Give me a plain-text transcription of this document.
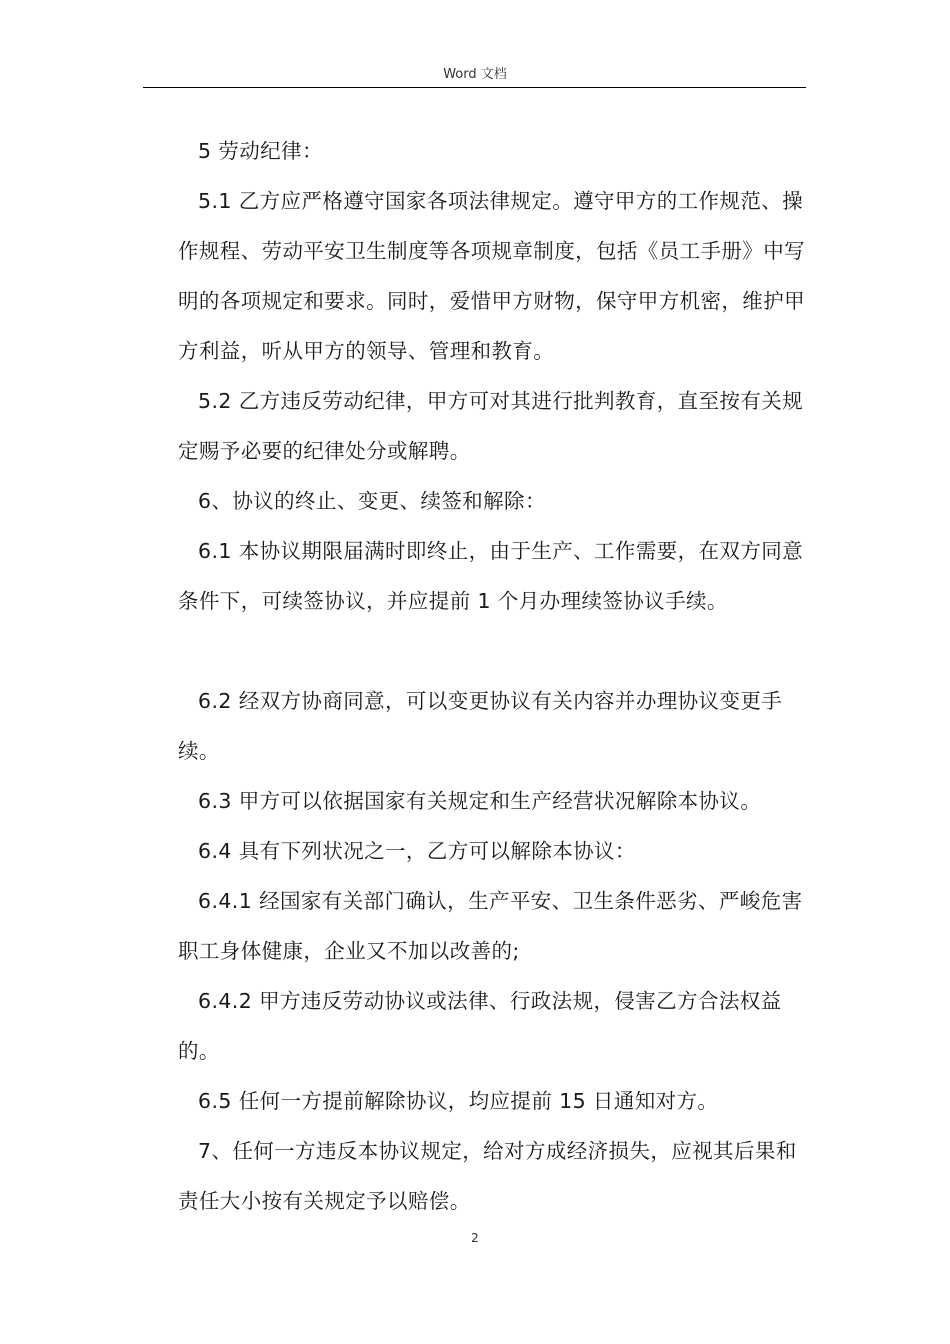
Word 文档

5 劳动纪律：

5.1 乙方应严格遵守国家各项法律规定。遵守甲方的工作规范、操作规程、劳动平安卫生制度等各项规章制度，包括《员工手册》中写明的各项规定和要求。同时，爱惜甲方财物，保守甲方机密，维护甲方利益，听从甲方的领导、管理和教育。

5.2 乙方违反劳动纪律，甲方可对其进行批判教育，直至按有关规定赐予必要的纪律处分或解聘。

6、协议的终止、变更、续签和解除：

6.1 本协议期限届满时即终止，由于生产、工作需要，在双方同意条件下，可续签协议，并应提前 1 个月办理续签协议手续。

6.2 经双方协商同意，可以变更协议有关内容并办理协议变更手续。

6.3 甲方可以依据国家有关规定和生产经营状况解除本协议。

6.4 具有下列状况之一，乙方可以解除本协议：

6.4.1 经国家有关部门确认，生产平安、卫生条件恶劣、严峻危害职工身体健康，企业又不加以改善的;

6.4.2 甲方违反劳动协议或法律、行政法规，侵害乙方合法权益的。

6.5 任何一方提前解除协议，均应提前 15 日通知对方。

7、任何一方违反本协议规定，给对方成经济损失，应视其后果和责任大小按有关规定予以赔偿。

2
